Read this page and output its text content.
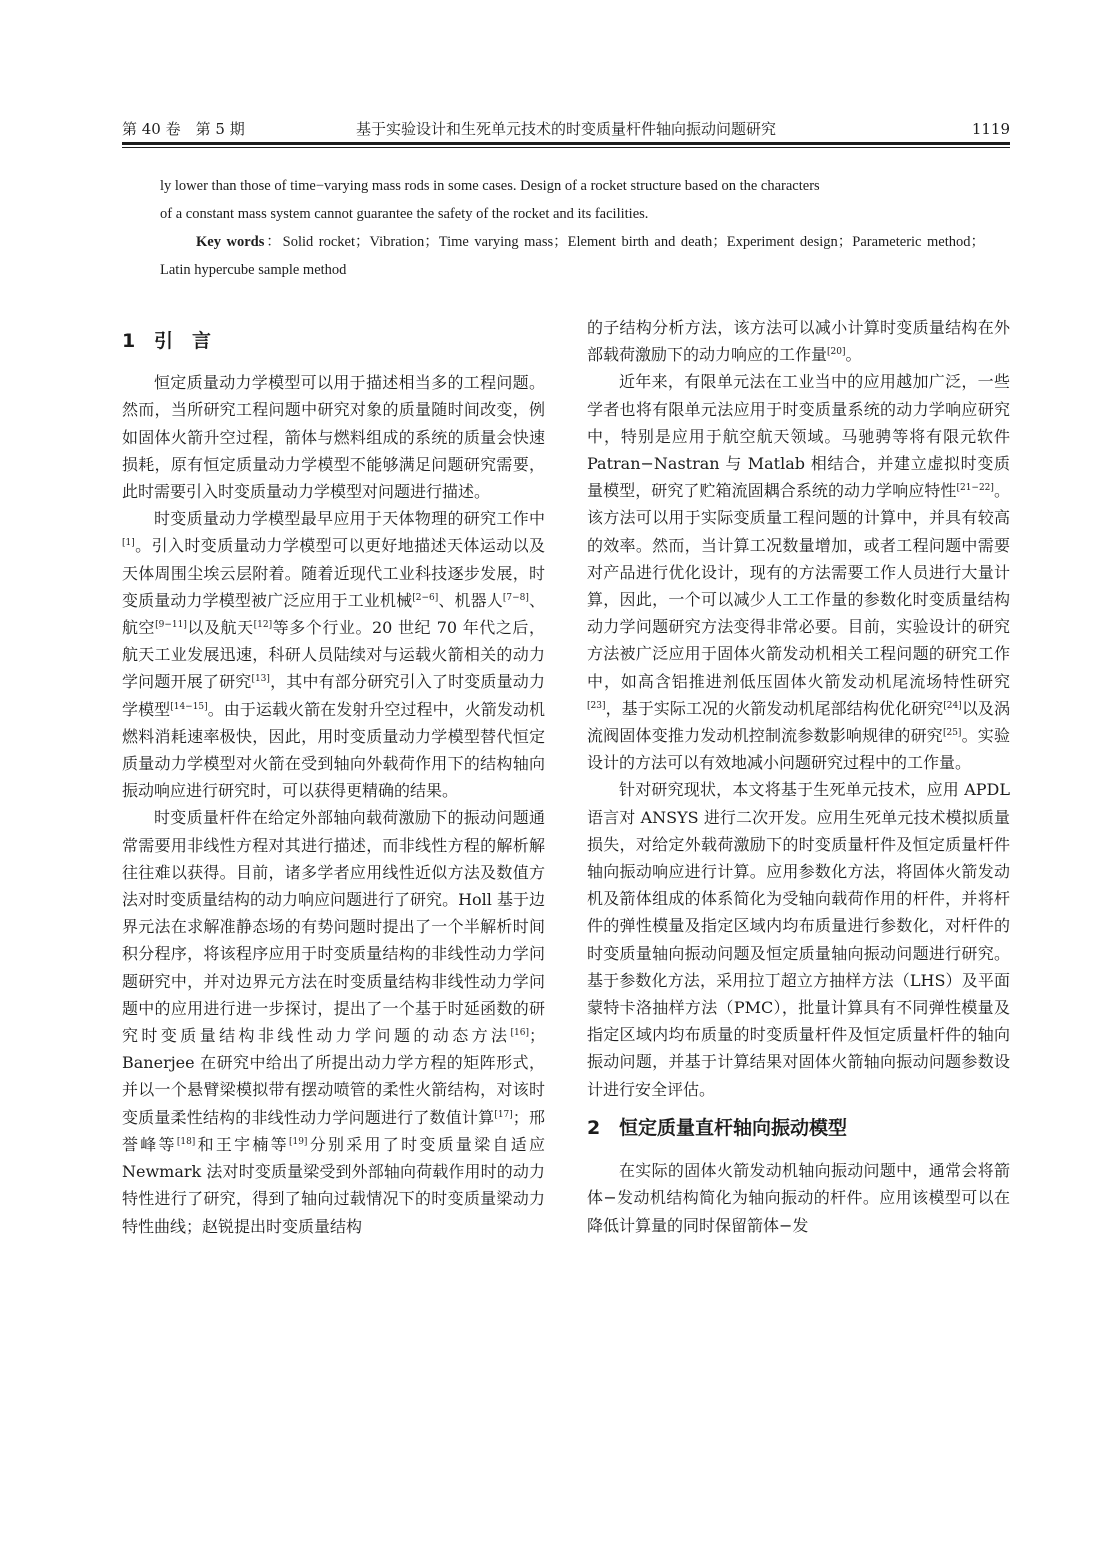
第 40 卷　第 5 期	基于实验设计和生死单元技术的时变质量杆件轴向振动问题研究	1119

ly lower than those of time−varying mass rods in some cases. Design of a rocket structure based on the characters

of a constant mass system cannot guarantee the safety of the rocket and its facilities.

Key words：Solid rocket；Vibration；Time varying mass；Element birth and death；Experiment design；Parameteric method；Latin hypercube sample method

1 引　言

恒定质量动力学模型可以用于描述相当多的工程问题。然而，当所研究工程问题中研究对象的质量随时间改变，例如固体火箭升空过程，箭体与燃料组成的系统的质量会快速损耗，原有恒定质量动力学模型不能够满足问题研究需要，此时需要引入时变质量动力学模型对问题进行描述。

时变质量动力学模型最早应用于天体物理的研究工作中[1]。引入时变质量动力学模型可以更好地描述天体运动以及天体周围尘埃云层附着。随着近现代工业科技逐步发展，时变质量动力学模型被广泛应用于工业机械[2−6]、机器人[7−8]、航空[9−11]以及航天[12]等多个行业。20 世纪 70 年代之后，航天工业发展迅速，科研人员陆续对与运载火箭相关的动力学问题开展了研究[13]，其中有部分研究引入了时变质量动力学模型[14−15]。由于运载火箭在发射升空过程中，火箭发动机燃料消耗速率极快，因此，用时变质量动力学模型替代恒定质量动力学模型对火箭在受到轴向外载荷作用下的结构轴向振动响应进行研究时，可以获得更精确的结果。

时变质量杆件在给定外部轴向载荷激励下的振动问题通常需要用非线性方程对其进行描述，而非线性方程的解析解往往难以获得。目前，诸多学者应用线性近似方法及数值方法对时变质量结构的动力响应问题进行了研究。Holl 基于边界元法在求解准静态场的有势问题时提出了一个半解析时间积分程序，将该程序应用于时变质量结构的非线性动力学问题研究中，并对边界元方法在时变质量结构非线性动力学问题中的应用进行进一步探讨，提出了一个基于时延函数的研究时变质量结构非线性动力学问题的动态方法[16]；Banerjee 在研究中给出了所提出动力学方程的矩阵形式，并以一个悬臂梁模拟带有摆动喷管的柔性火箭结构，对该时变质量柔性结构的非线性动力学问题进行了数值计算[17]；邢誉峰等[18]和王宇楠等[19]分别采用了时变质量梁自适应 Newmark 法对时变质量梁受到外部轴向荷载作用时的动力特性进行了研究，得到了轴向过载情况下的时变质量梁动力特性曲线；赵锐提出时变质量结构

的子结构分析方法，该方法可以减小计算时变质量结构在外部载荷激励下的动力响应的工作量[20]。

近年来，有限单元法在工业当中的应用越加广泛，一些学者也将有限单元法应用于时变质量系统的动力学响应研究中，特别是应用于航空航天领域。马驰骋等将有限元软件 Patran−Nastran 与 Matlab 相结合，并建立虚拟时变质量模型，研究了贮箱流固耦合系统的动力学响应特性[21−22]。该方法可以用于实际变质量工程问题的计算中，并具有较高的效率。然而，当计算工况数量增加，或者工程问题中需要对产品进行优化设计，现有的方法需要工作人员进行大量计算，因此，一个可以减少人工工作量的参数化时变质量结构动力学问题研究方法变得非常必要。目前，实验设计的研究方法被广泛应用于固体火箭发动机相关工程问题的研究工作中，如高含铝推进剂低压固体火箭发动机尾流场特性研究[23]，基于实际工况的火箭发动机尾部结构优化研究[24]以及涡流阀固体变推力发动机控制流参数影响规律的研究[25]。实验设计的方法可以有效地减小问题研究过程中的工作量。

针对研究现状，本文将基于生死单元技术，应用 APDL 语言对 ANSYS 进行二次开发。应用生死单元技术模拟质量损失，对给定外载荷激励下的时变质量杆件及恒定质量杆件轴向振动响应进行计算。应用参数化方法，将固体火箭发动机及箭体组成的体系简化为受轴向载荷作用的杆件，并将杆件的弹性模量及指定区域内均布质量进行参数化，对杆件的时变质量轴向振动问题及恒定质量轴向振动问题进行研究。基于参数化方法，采用拉丁超立方抽样方法（LHS）及平面蒙特卡洛抽样方法（PMC），批量计算具有不同弹性模量及指定区域内均布质量的时变质量杆件及恒定质量杆件的轴向振动问题，并基于计算结果对固体火箭轴向振动问题参数设计进行安全评估。

2 恒定质量直杆轴向振动模型

在实际的固体火箭发动机轴向振动问题中，通常会将箭体−发动机结构简化为轴向振动的杆件。应用该模型可以在降低计算量的同时保留箭体−发
